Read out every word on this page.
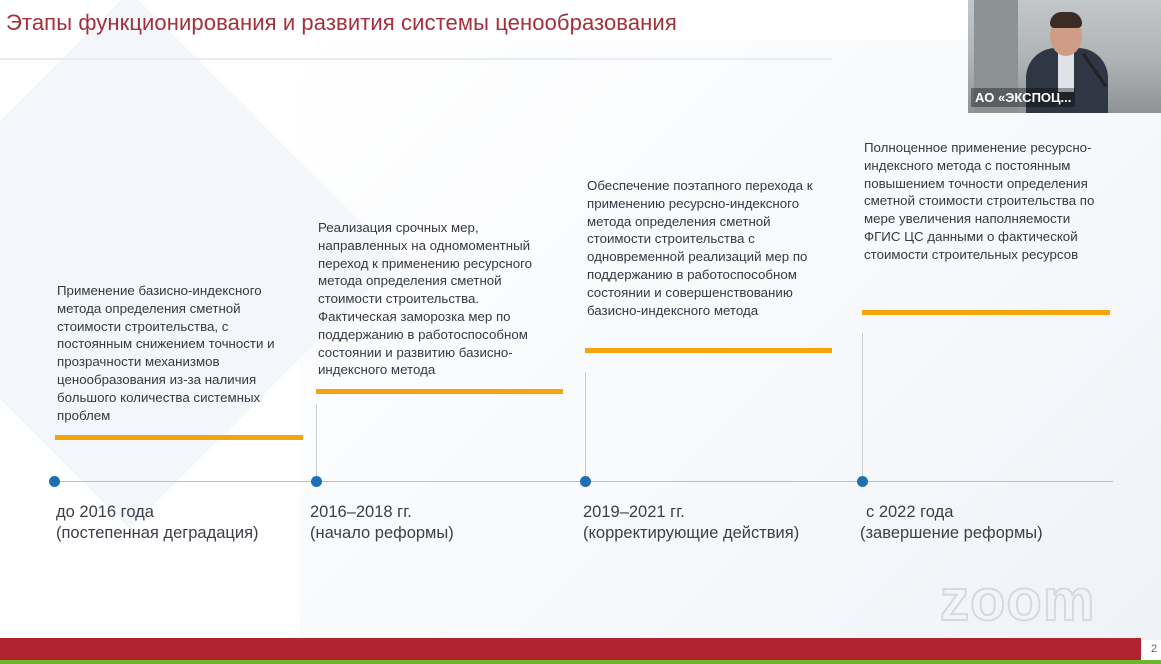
Этапы функционирования и развития системы ценообразования
Применение базисно-индексного метода определения сметной стоимости строительства, с постоянным снижением точности и прозрачности механизмов ценообразования из-за наличия большого количества системных проблем
Реализация срочных мер, направленных на одномоментный переход к применению ресурсного метода определения сметной стоимости строительства. Фактическая заморозка мер по поддержанию в работоспособном состоянии и развитию базисно-индексного метода
Обеспечение поэтапного перехода к применению ресурсно-индексного метода определения сметной стоимости строительства с одновременной реализаций мер по поддержанию в работоспособном состоянии и совершенствованию базисно-индексного метода
Полноценное применение ресурсно-индексного метода с постоянным повышением точности определения сметной стоимости строительства по мере увеличения наполняемости ФГИС ЦС данными о фактической стоимости строительных ресурсов
до 2016 года
(постепенная деградация)
2016–2018 гг.
(начало реформы)
2019–2021 гг.
(корректирующие действия)
с 2022 года
(завершение реформы)
АО «ЭКСПОЦ...
zoom
2
